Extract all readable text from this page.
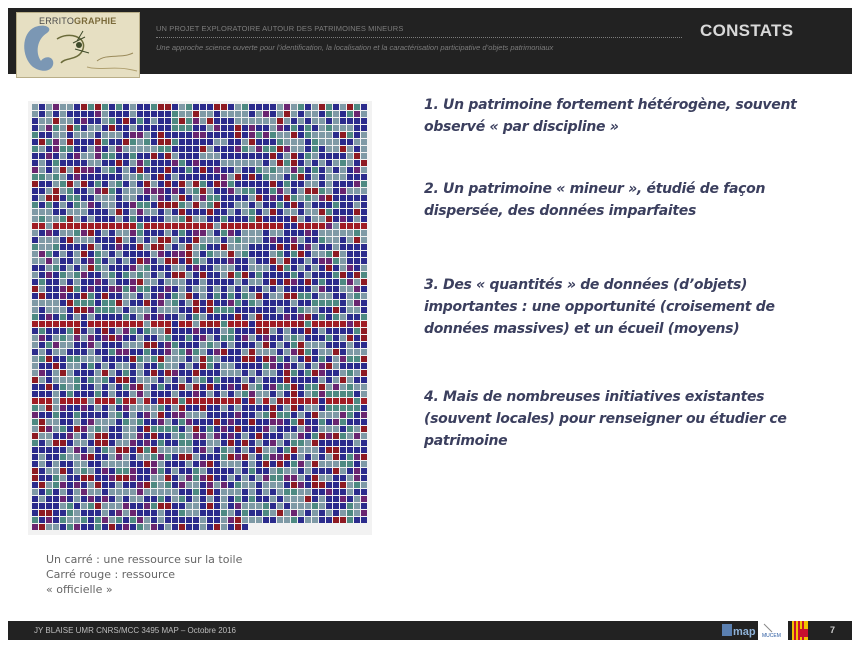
ERRITOGRAPHIE
UN PROJET EXPLORATOIRE AUTOUR DES PATRIMOINES MINEURS
Une approche science ouverte pour l’identification, la localisation et la caractérisation participative d’objets patrimoniaux
CONSTATS
Un carré : une ressource sur la toile
Carré rouge : ressource
« officielle »
1. Un patrimoine fortement hétérogène, souvent observé « par discipline »
2. Un patrimoine « mineur », étudié de façon dispersée, des données imparfaites
3. Des « quantités » de données (d’objets) importantes : une opportunité (croisement de données massives) et un écueil (moyens)
4. Mais de nombreuses initiatives existantes (souvent locales) pour renseigner ou étudier ce patrimoine
JY BLAISE UMR CNRS/MCC 3495 MAP – Octobre 2016	map MUCEM
7
